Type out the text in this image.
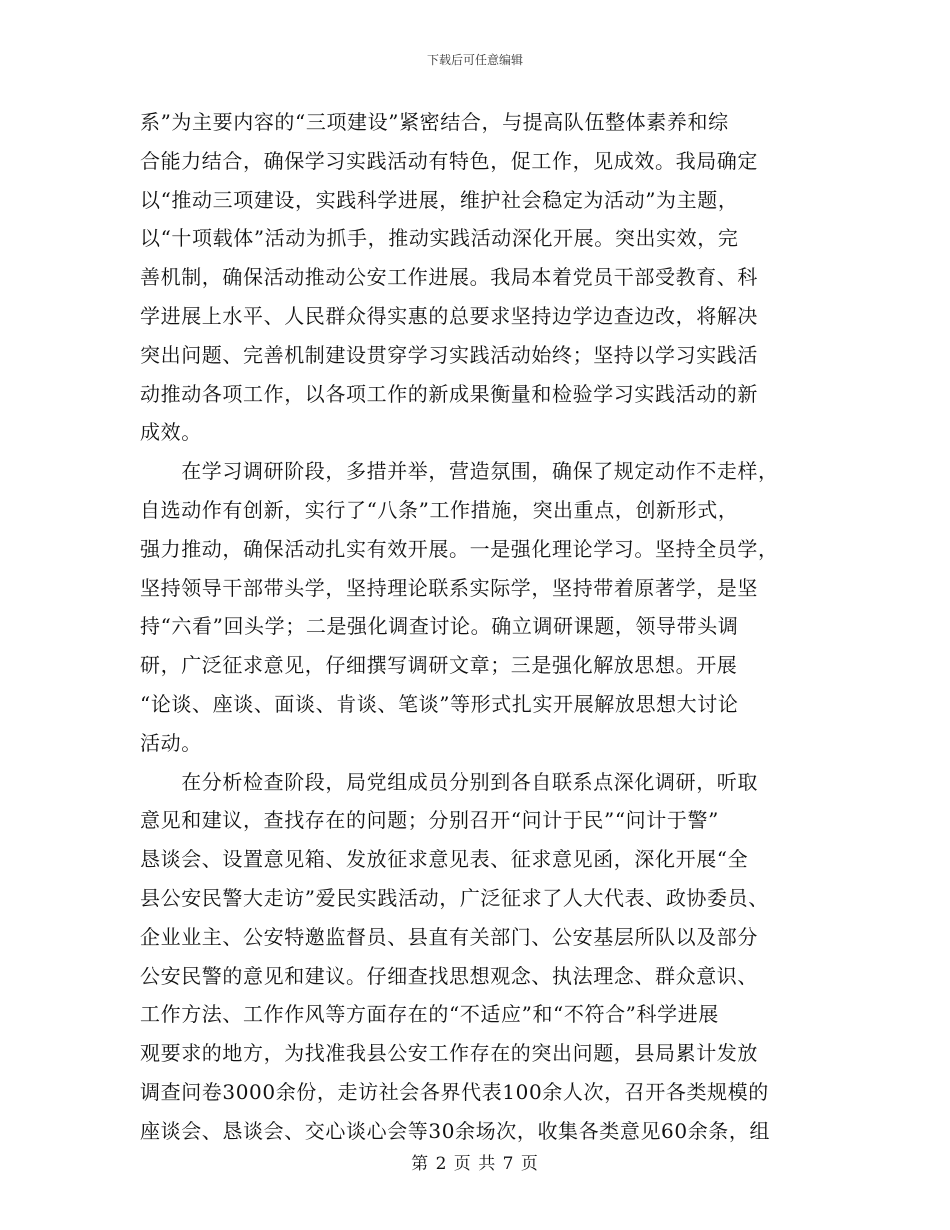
下载后可任意编辑
系”为主要内容的“三项建设”紧密结合，与提高队伍整体素养和综
合能力结合，确保学习实践活动有特色，促工作，见成效。我局确定
以“推动三项建设，实践科学进展，维护社会稳定为活动”为主题，
以“十项载体”活动为抓手，推动实践活动深化开展。突出实效，完
善机制，确保活动推动公安工作进展。我局本着党员干部受教育、科
学进展上水平、人民群众得实惠的总要求坚持边学边查边改，将解决
突出问题、完善机制建设贯穿学习实践活动始终；坚持以学习实践活
动推动各项工作，以各项工作的新成果衡量和检验学习实践活动的新
成效。
　　在学习调研阶段，多措并举，营造氛围，确保了规定动作不走样，
自选动作有创新，实行了“八条”工作措施，突出重点，创新形式，
强力推动，确保活动扎实有效开展。一是强化理论学习。坚持全员学，
坚持领导干部带头学，坚持理论联系实际学，坚持带着原著学，是坚
持“六看”回头学；二是强化调查讨论。确立调研课题，领导带头调
研，广泛征求意见，仔细撰写调研文章；三是强化解放思想。开展
“论谈、座谈、面谈、肯谈、笔谈”等形式扎实开展解放思想大讨论
活动。
　　在分析检查阶段，局党组成员分别到各自联系点深化调研，听取
意见和建议，查找存在的问题；分别召开“问计于民”“问计于警”
恳谈会、设置意见箱、发放征求意见表、征求意见函，深化开展“全
县公安民警大走访”爱民实践活动，广泛征求了人大代表、政协委员、
企业业主、公安特邀监督员、县直有关部门、公安基层所队以及部分
公安民警的意见和建议。仔细查找思想观念、执法理念、群众意识、
工作方法、工作作风等方面存在的“不适应”和“不符合”科学进展
观要求的地方，为找准我县公安工作存在的突出问题，县局累计发放
调查问卷3000余份，走访社会各界代表100余人次，召开各类规模的
座谈会、恳谈会、交心谈心会等30余场次，收集各类意见60余条，组
第 2 页 共 7 页
